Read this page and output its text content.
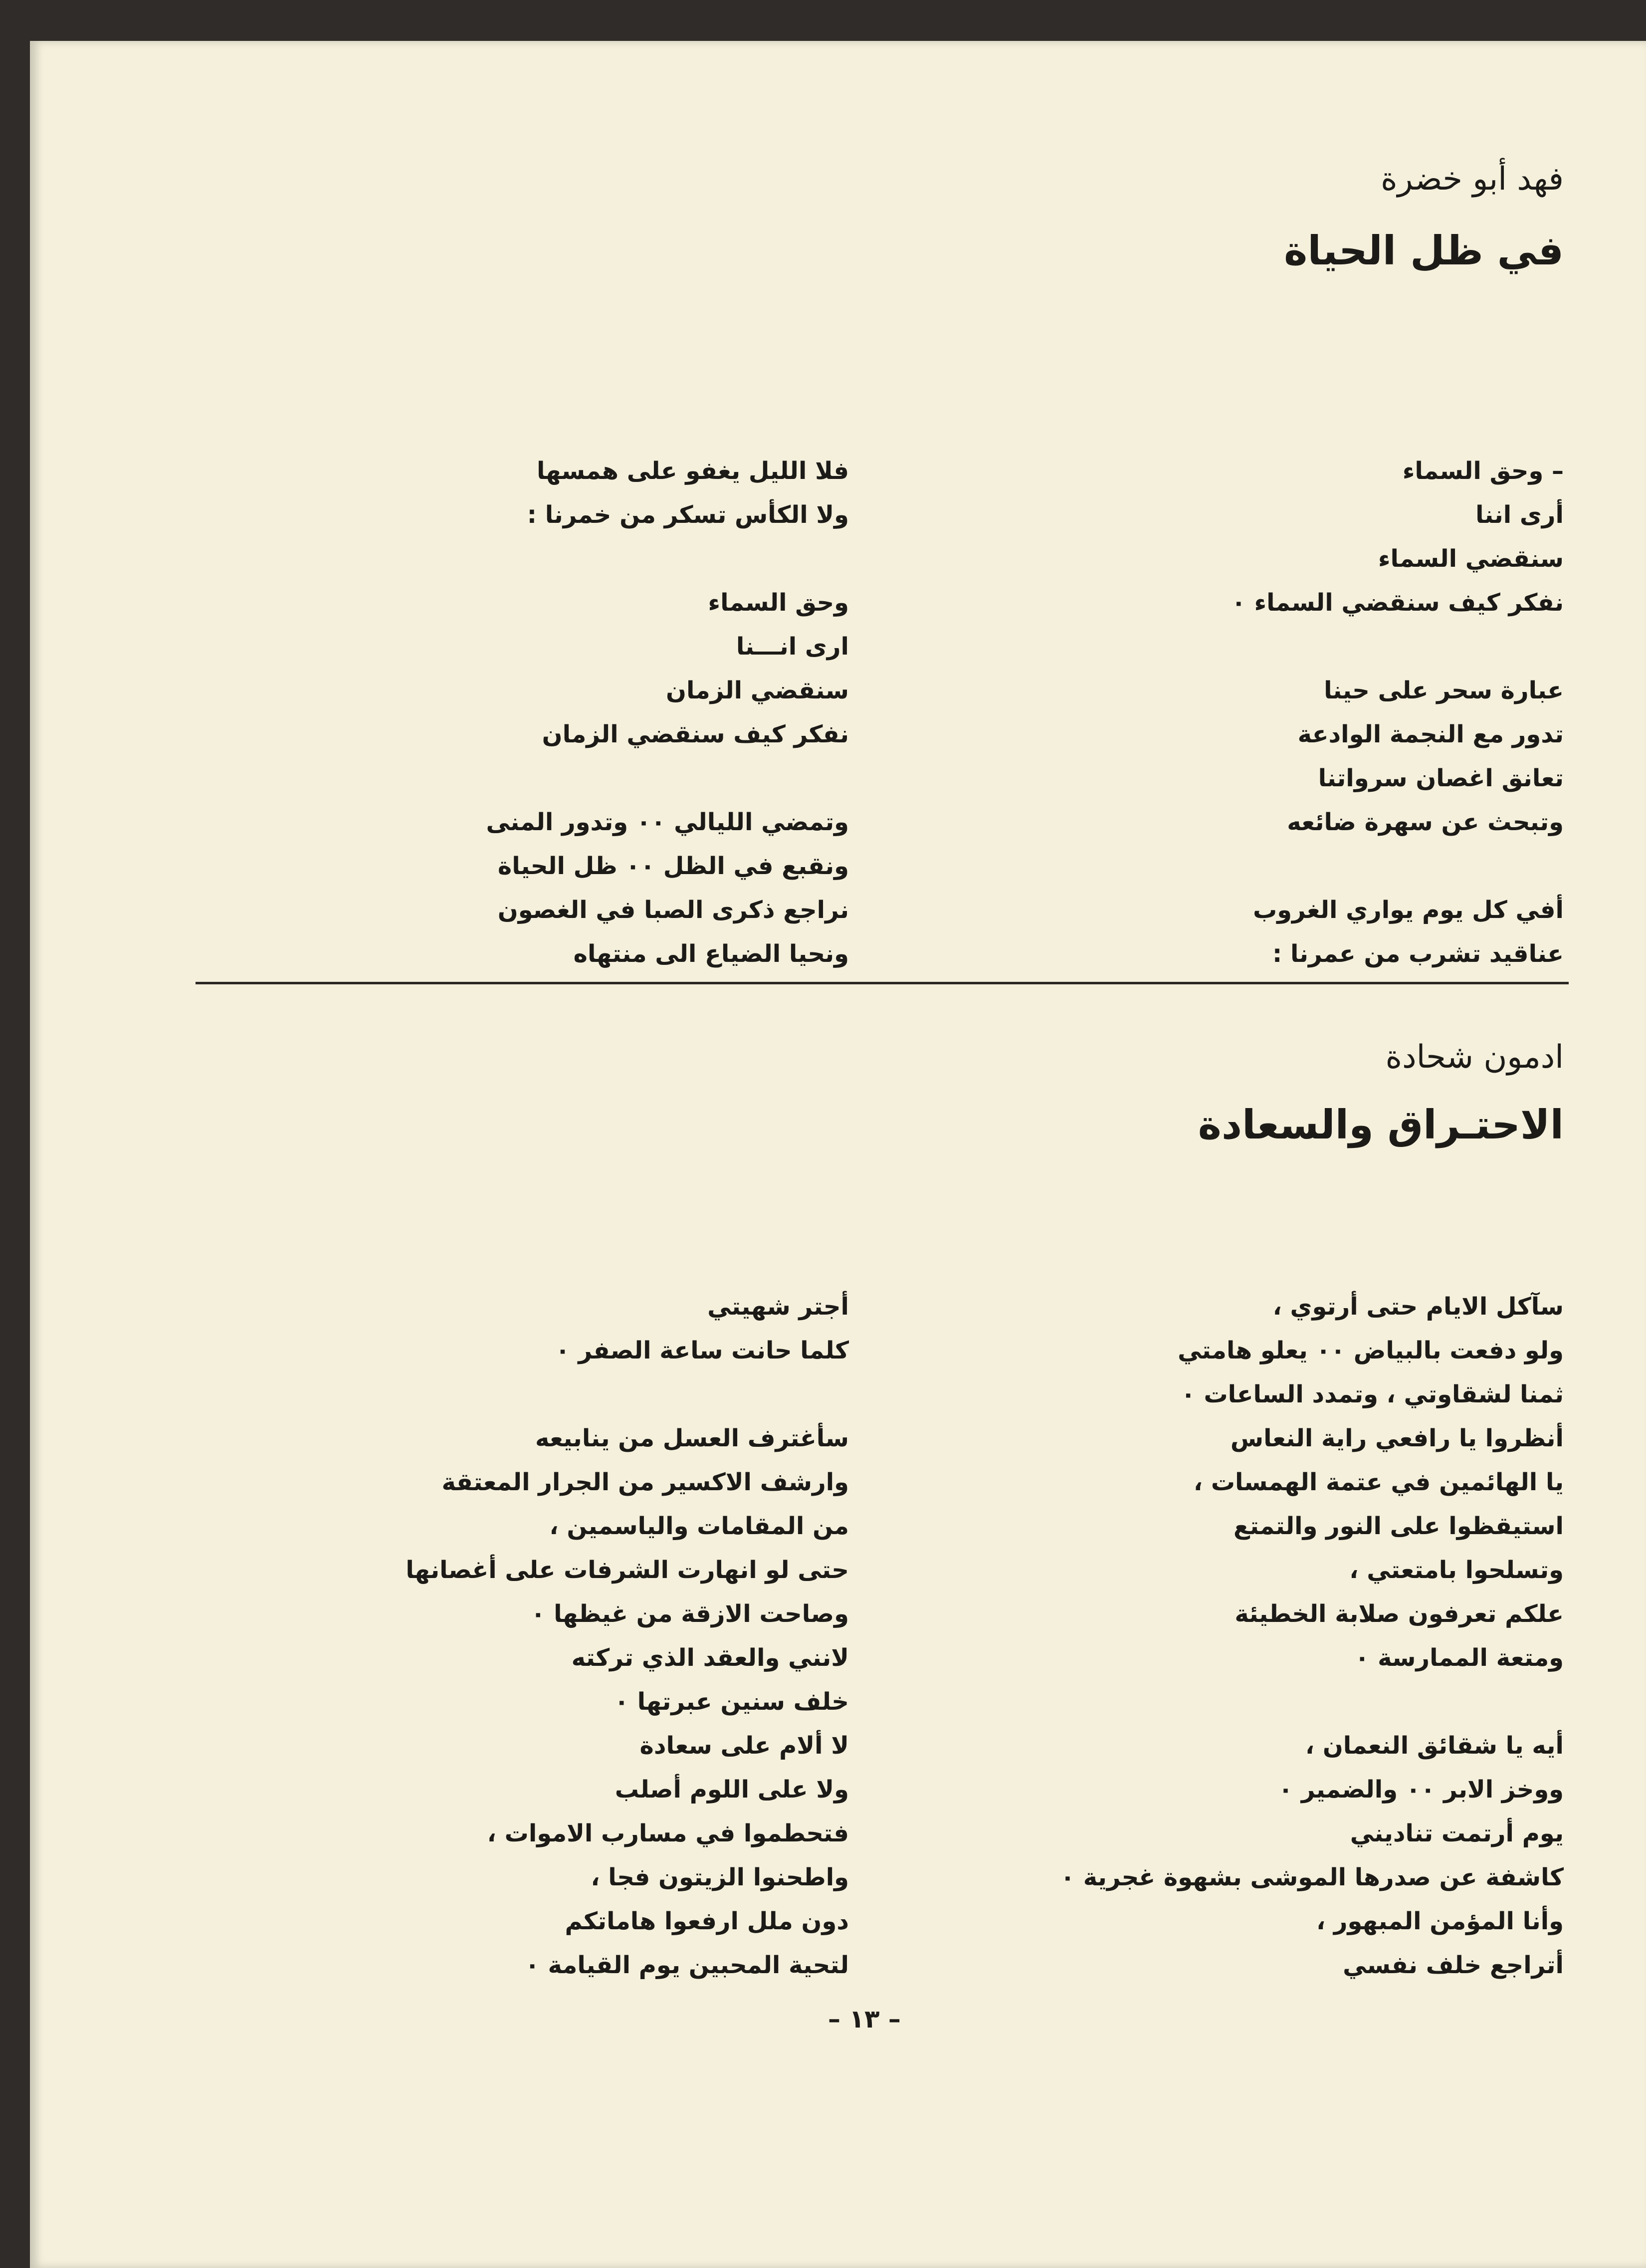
فهد أبو خضرة
في ظل الحياة
– وحق السماء
أرى اننا
سنقضي السماء
نفكر كيف سنقضي السماء ٠
عبارة سحر على حينا
تدور مع النجمة الوادعة
تعانق اغصان سرواتنا
وتبحث عن سهرة ضائعه
أفي كل يوم يواري الغروب
عناقيد تشرب من عمرنا :
فلا الليل يغفو على همسها
ولا الكأس تسكر من خمرنا :
وحق السماء
ارى انـــنا
سنقضي الزمان
نفكر كيف سنقضي الزمان
وتمضي الليالي ٠٠ وتدور المنى
ونقبع في الظل ٠٠ ظل الحياة
نراجع ذكرى الصبا في الغصون
ونحيا الضياع الى منتهاه
ادمون شحادة
الاحتـراق والسعادة
سآكل الايام حتى أرتوي ،
ولو دفعت بالبياض ٠٠ يعلو هامتي
ثمنا لشقاوتي ، وتمدد الساعات ٠
أنظروا يا رافعي راية النعاس
يا الهائمين في عتمة الهمسات ،
استيقظوا على النور والتمتع
وتسلحوا بامتعتي ،
علكم تعرفون صلابة الخطيئة
ومتعة الممارسة ٠
أيه يا شقائق النعمان ،
ووخز الابر ٠٠ والضمير ٠
يوم أرتمت تناديني
كاشفة عن صدرها الموشى بشهوة غجرية ٠
وأنا المؤمن المبهور ،
أتراجع خلف نفسي
أجتر شهيتي
كلما حانت ساعة الصفر ٠
سأغترف العسل من ينابيعه
وارشف الاكسير من الجرار المعتقة
من المقامات والياسمين ،
حتى لو انهارت الشرفات على أغصانها
وصاحت الازقة من غيظها ٠
لانني والعقد الذي تركته
خلف سنين عبرتها ٠
لا ألام على سعادة
ولا على اللوم أصلب
فتحطموا في مسارب الاموات ،
واطحنوا الزيتون فجا ،
دون ملل ارفعوا هاماتكم
لتحية المحبين يوم القيامة ٠
– ١٣ –
